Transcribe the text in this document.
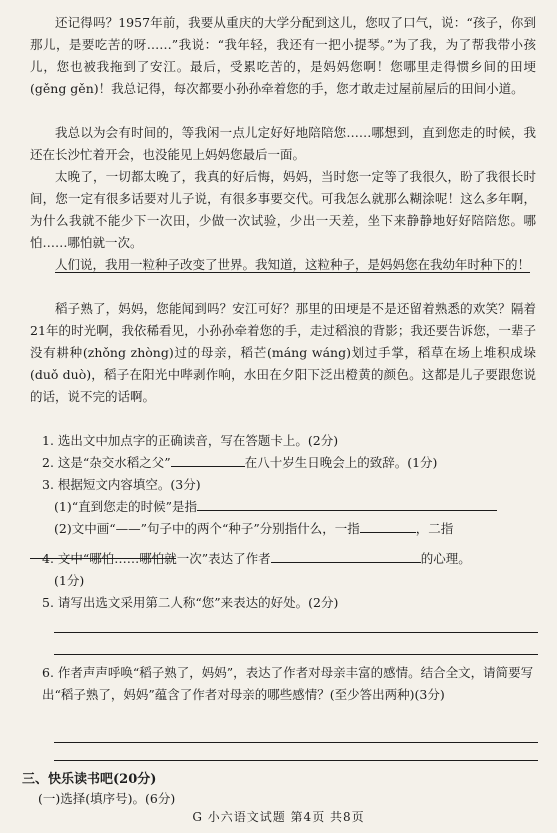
还记得吗？1957年前，我要从重庆的大学分配到这儿，您叹了口气，说：“孩子，你到那儿，是要吃苦的呀……”我说：“我年轻，我还有一把小提琴。”为了我，为了帮我带小孩儿，您也被我拖到了安江。最后，受累吃苦的，是妈妈您啊！您哪里走得惯乡间的田埂(gěng gěn)！我总记得，每次都要小孙孙牵着您的手，您才敢走过屋前屋后的田间小道。
我总以为会有时间的，等我闲一点儿定好好地陪陪您……哪想到，直到您走的时候，我还在长沙忙着开会，也没能见上妈妈您最后一面。
太晚了，一切都太晚了，我真的好后悔，妈妈，当时您一定等了我很久，盼了我很长时间，您一定有很多话要对儿子说，有很多事要交代。可我怎么就那么糊涂呢！这么多年啊，为什么我就不能少下一次田，少做一次试验，少出一天差，坐下来静静地好好陪陪您。哪怕……哪怕就一次。
人们说，我用一粒种子改变了世界。我知道，这粒种子，是妈妈您在我幼年时种下的！
稻子熟了，妈妈，您能闻到吗？安江可好？那里的田埂是不是还留着熟悉的欢笑？隔着21年的时光啊，我依稀看见，小孙孙牵着您的手，走过稻浪的背影；我还要告诉您，一辈子没有耕种(zhǒng zhòng)过的母亲，稻芒(máng wáng)划过手掌，稻草在场上堆积成垛(duǒ duò)，稻子在阳光中哔剥作响，水田在夕阳下泛出橙黄的颜色。这都是儿子要跟您说的话，说不完的话啊。
1. 选出文中加点字的正确读音，写在答题卡上。(2分)
2. 这是“杂交水稻之父”	在八十岁生日晚会上的致辞。(1分)
3. 根据短文内容填空。(3分)
(1)“直到您走的时候”是指
(2)文中画“——”句子中的两个“种子”分别指什么，一指	，二指
4. 文中“哪怕……哪怕就一次”表达了作者	的心理。
(1分)
5. 请写出选文采用第二人称“您”来表达的好处。(2分)
6. 作者声声呼唤“稻子熟了，妈妈”，表达了作者对母亲丰富的感情。结合全文，请简要写出“稻子熟了，妈妈”蕴含了作者对母亲的哪些感情？(至少答出两种)(3分)
三、快乐读书吧(20分)
(一)选择(填序号)。(6分)
G 小六语文试题 第4页 共8页
